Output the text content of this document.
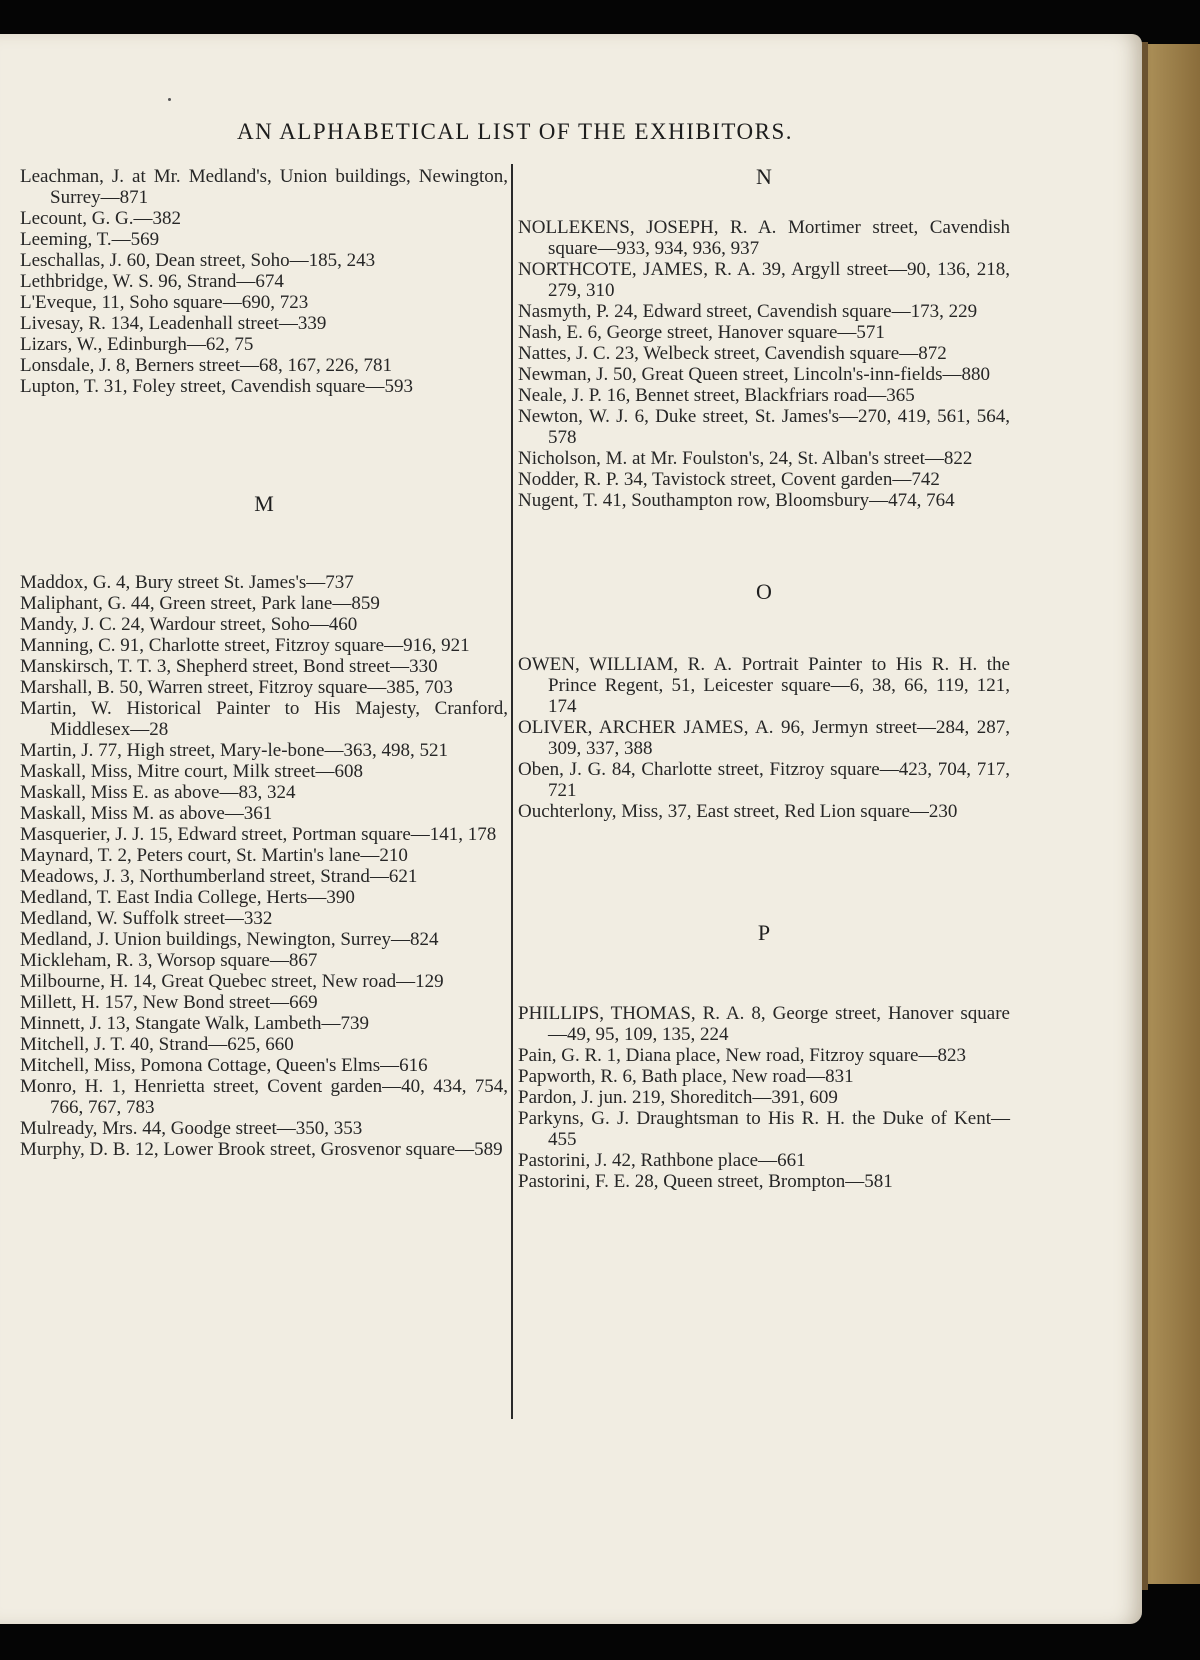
AN ALPHABETICAL LIST OF THE EXHIBITORS.

Leachman, J. at Mr. Medland's, Union buildings, Newington, Surrey—871

Lecount, G. G.—382

Leeming, T.—569

Leschallas, J. 60, Dean street, Soho—185, 243

Lethbridge, W. S. 96, Strand—674

L'Eveque, 11, Soho square—690, 723

Livesay, R. 134, Leadenhall street—339

Lizars, W., Edinburgh—62, 75

Lonsdale, J. 8, Berners street—68, 167, 226, 781

Lupton, T. 31, Foley street, Cavendish square—593

M

Maddox, G. 4, Bury street St. James's—737

Maliphant, G. 44, Green street, Park lane—859

Mandy, J. C. 24, Wardour street, Soho—460

Manning, C. 91, Charlotte street, Fitzroy square—916, 921

Manskirsch, T. T. 3, Shepherd street, Bond street—330

Marshall, B. 50, Warren street, Fitzroy square—385, 703

Martin, W. Historical Painter to His Majesty, Cranford, Middlesex—28

Martin, J. 77, High street, Mary-le-bone—363, 498, 521

Maskall, Miss, Mitre court, Milk street—608

Maskall, Miss E. as above—83, 324

Maskall, Miss M. as above—361

Masquerier, J. J. 15, Edward street, Portman square—141, 178

Maynard, T. 2, Peters court, St. Martin's lane—210

Meadows, J. 3, Northumberland street, Strand—621

Medland, T. East India College, Herts—390

Medland, W. Suffolk street—332

Medland, J. Union buildings, Newington, Surrey—824

Mickleham, R. 3, Worsop square—867

Milbourne, H. 14, Great Quebec street, New road—129

Millett, H. 157, New Bond street—669

Minnett, J. 13, Stangate Walk, Lambeth—739

Mitchell, J. T. 40, Strand—625, 660

Mitchell, Miss, Pomona Cottage, Queen's Elms—616

Monro, H. 1, Henrietta street, Covent garden—40, 434, 754, 766, 767, 783

Mulready, Mrs. 44, Goodge street—350, 353

Murphy, D. B. 12, Lower Brook street, Grosvenor square—589

N

NOLLEKENS, JOSEPH, R. A. Mortimer street, Cavendish square—933, 934, 936, 937

NORTHCOTE, JAMES, R. A. 39, Argyll street—90, 136, 218, 279, 310

Nasmyth, P. 24, Edward street, Cavendish square—173, 229

Nash, E. 6, George street, Hanover square—571

Nattes, J. C. 23, Welbeck street, Cavendish square—872

Newman, J. 50, Great Queen street, Lincoln's-inn-fields—880

Neale, J. P. 16, Bennet street, Blackfriars road—365

Newton, W. J. 6, Duke street, St. James's—270, 419, 561, 564, 578

Nicholson, M. at Mr. Foulston's, 24, St. Alban's street—822

Nodder, R. P. 34, Tavistock street, Covent garden—742

Nugent, T. 41, Southampton row, Bloomsbury—474, 764

O

OWEN, WILLIAM, R. A. Portrait Painter to His R. H. the Prince Regent, 51, Leicester square—6, 38, 66, 119, 121, 174

OLIVER, ARCHER JAMES, A. 96, Jermyn street—284, 287, 309, 337, 388

Oben, J. G. 84, Charlotte street, Fitzroy square—423, 704, 717, 721

Ouchterlony, Miss, 37, East street, Red Lion square—230

P

PHILLIPS, THOMAS, R. A. 8, George street, Hanover square—49, 95, 109, 135, 224

Pain, G. R. 1, Diana place, New road, Fitzroy square—823

Papworth, R. 6, Bath place, New road—831

Pardon, J. jun. 219, Shoreditch—391, 609

Parkyns, G. J. Draughtsman to His R. H. the Duke of Kent—455

Pastorini, J. 42, Rathbone place—661

Pastorini, F. E. 28, Queen street, Brompton—581
